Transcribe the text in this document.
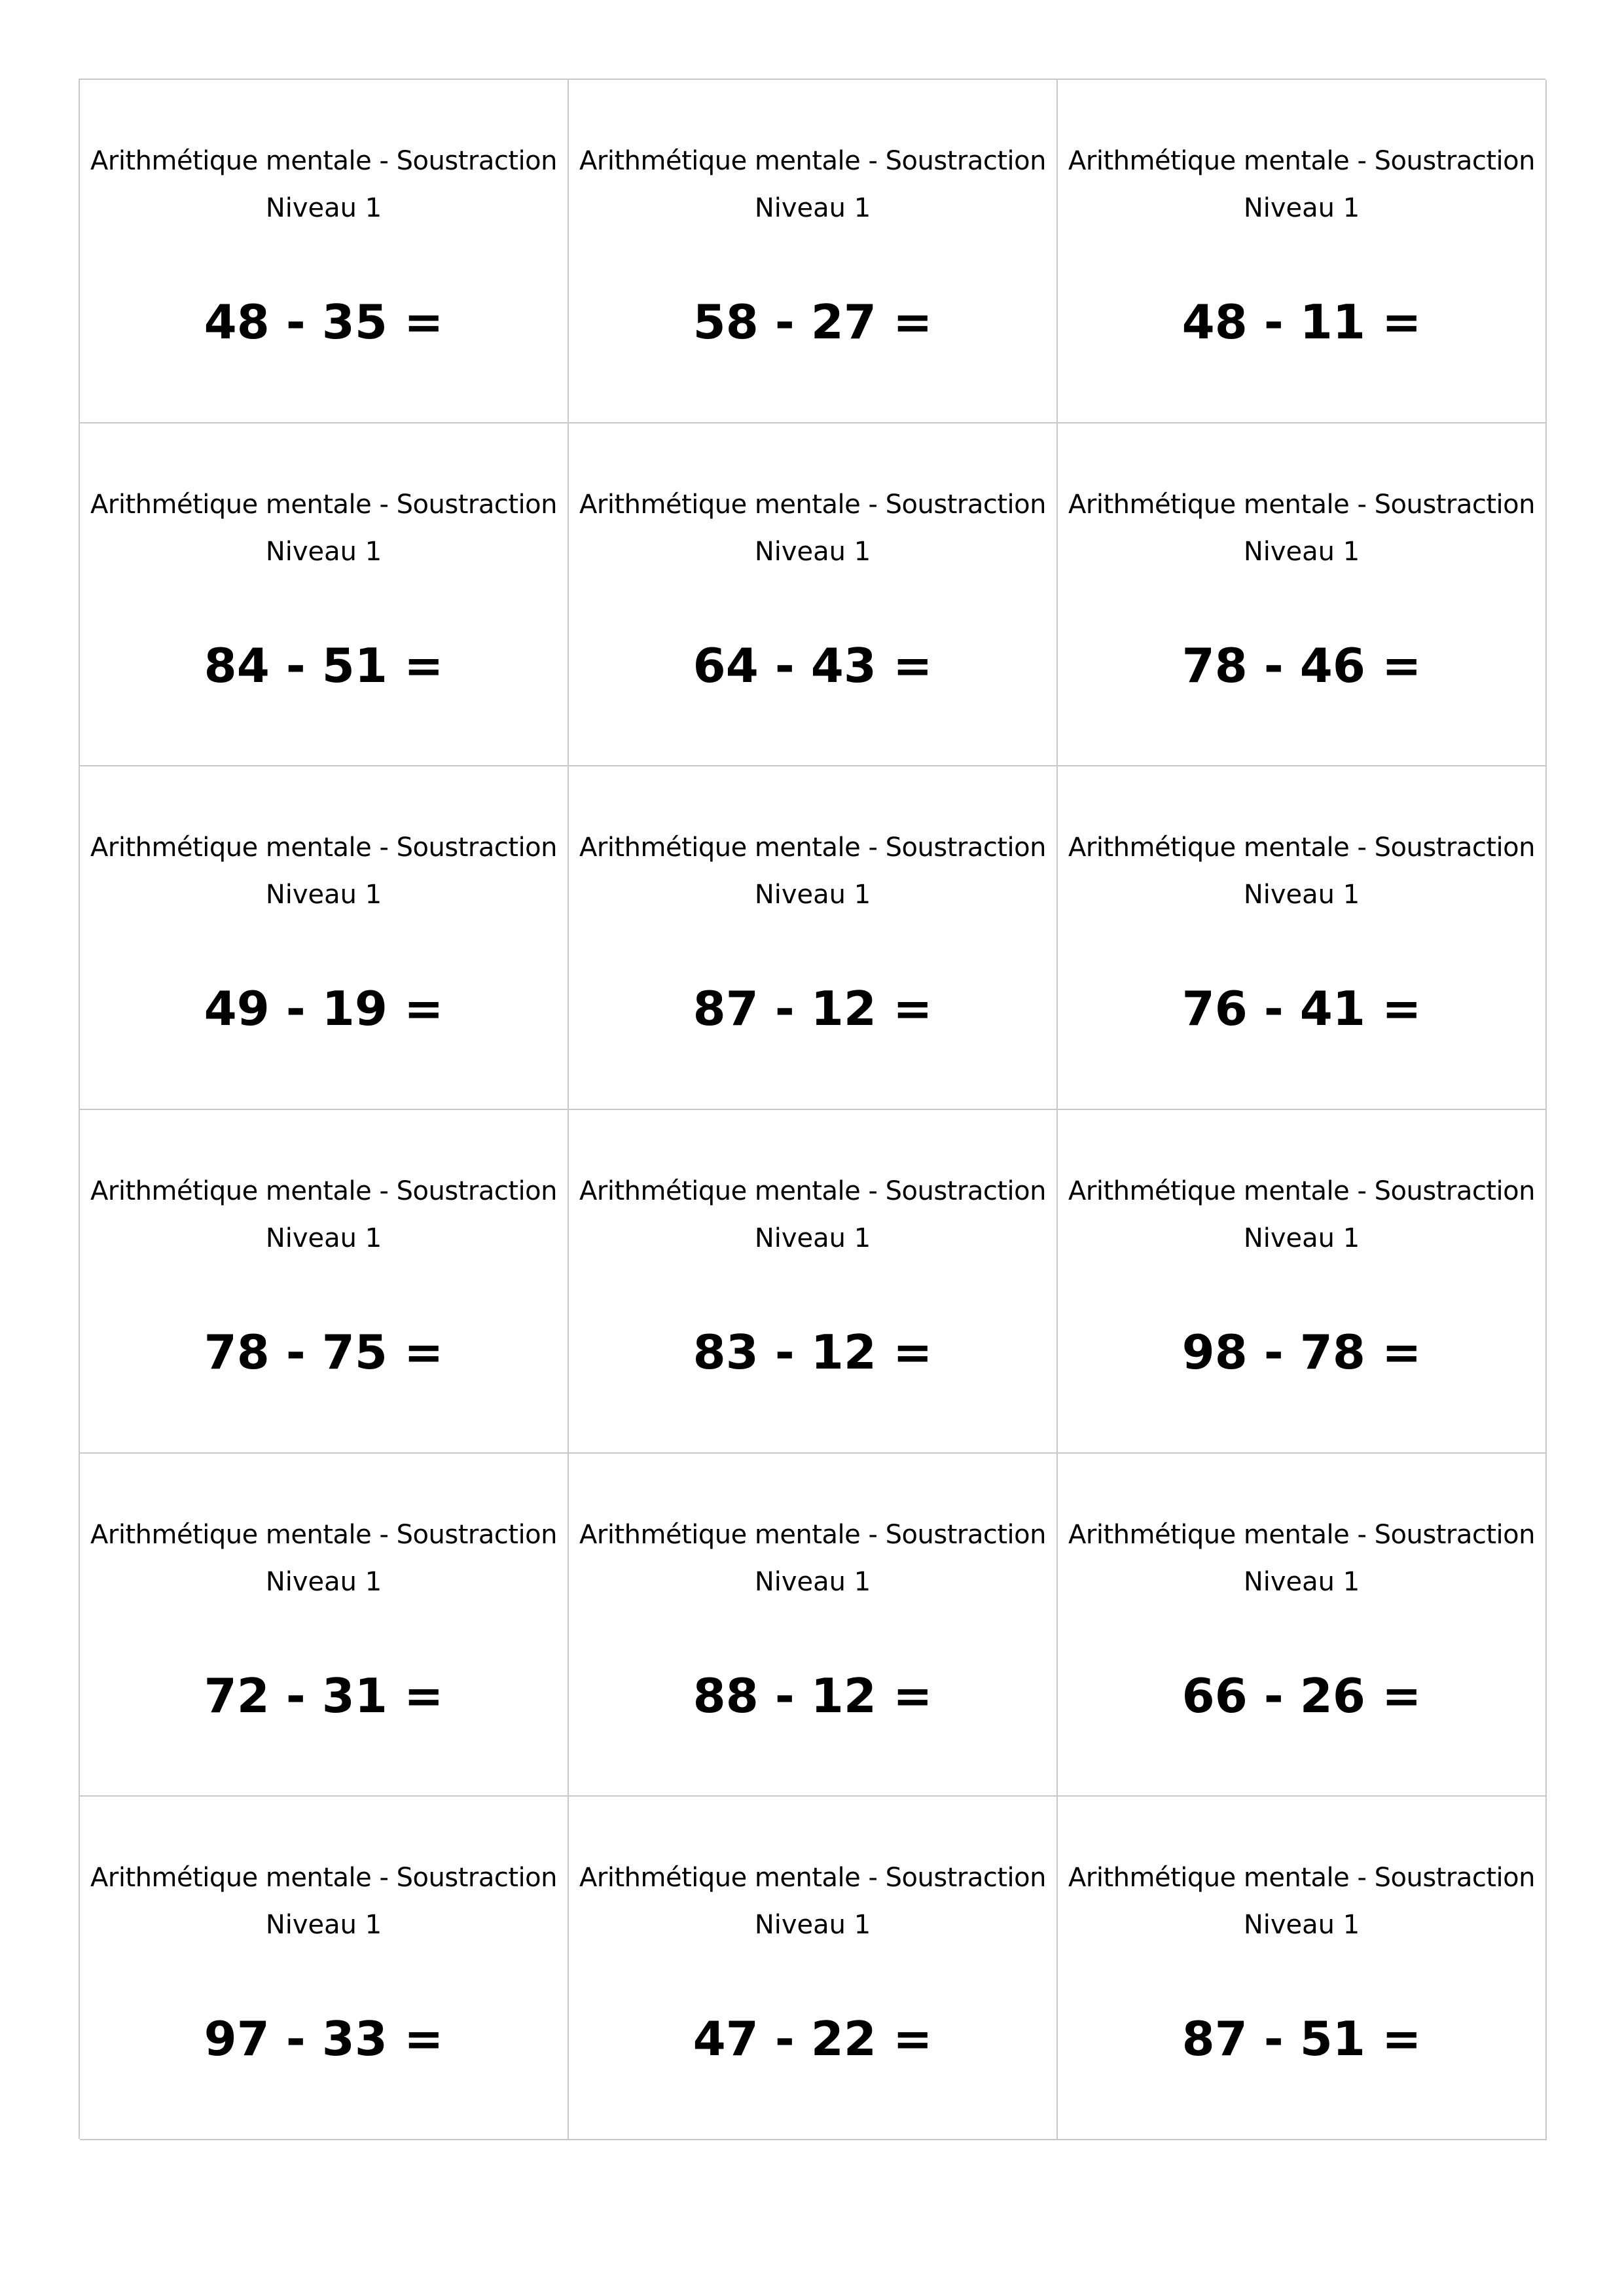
Arithmétique mentale - Soustraction
Niveau 1
48 - 35 =
Arithmétique mentale - Soustraction
Niveau 1
58 - 27 =
Arithmétique mentale - Soustraction
Niveau 1
48 - 11 =
Arithmétique mentale - Soustraction
Niveau 1
84 - 51 =
Arithmétique mentale - Soustraction
Niveau 1
64 - 43 =
Arithmétique mentale - Soustraction
Niveau 1
78 - 46 =
Arithmétique mentale - Soustraction
Niveau 1
49 - 19 =
Arithmétique mentale - Soustraction
Niveau 1
87 - 12 =
Arithmétique mentale - Soustraction
Niveau 1
76 - 41 =
Arithmétique mentale - Soustraction
Niveau 1
78 - 75 =
Arithmétique mentale - Soustraction
Niveau 1
83 - 12 =
Arithmétique mentale - Soustraction
Niveau 1
98 - 78 =
Arithmétique mentale - Soustraction
Niveau 1
72 - 31 =
Arithmétique mentale - Soustraction
Niveau 1
88 - 12 =
Arithmétique mentale - Soustraction
Niveau 1
66 - 26 =
Arithmétique mentale - Soustraction
Niveau 1
97 - 33 =
Arithmétique mentale - Soustraction
Niveau 1
47 - 22 =
Arithmétique mentale - Soustraction
Niveau 1
87 - 51 =
